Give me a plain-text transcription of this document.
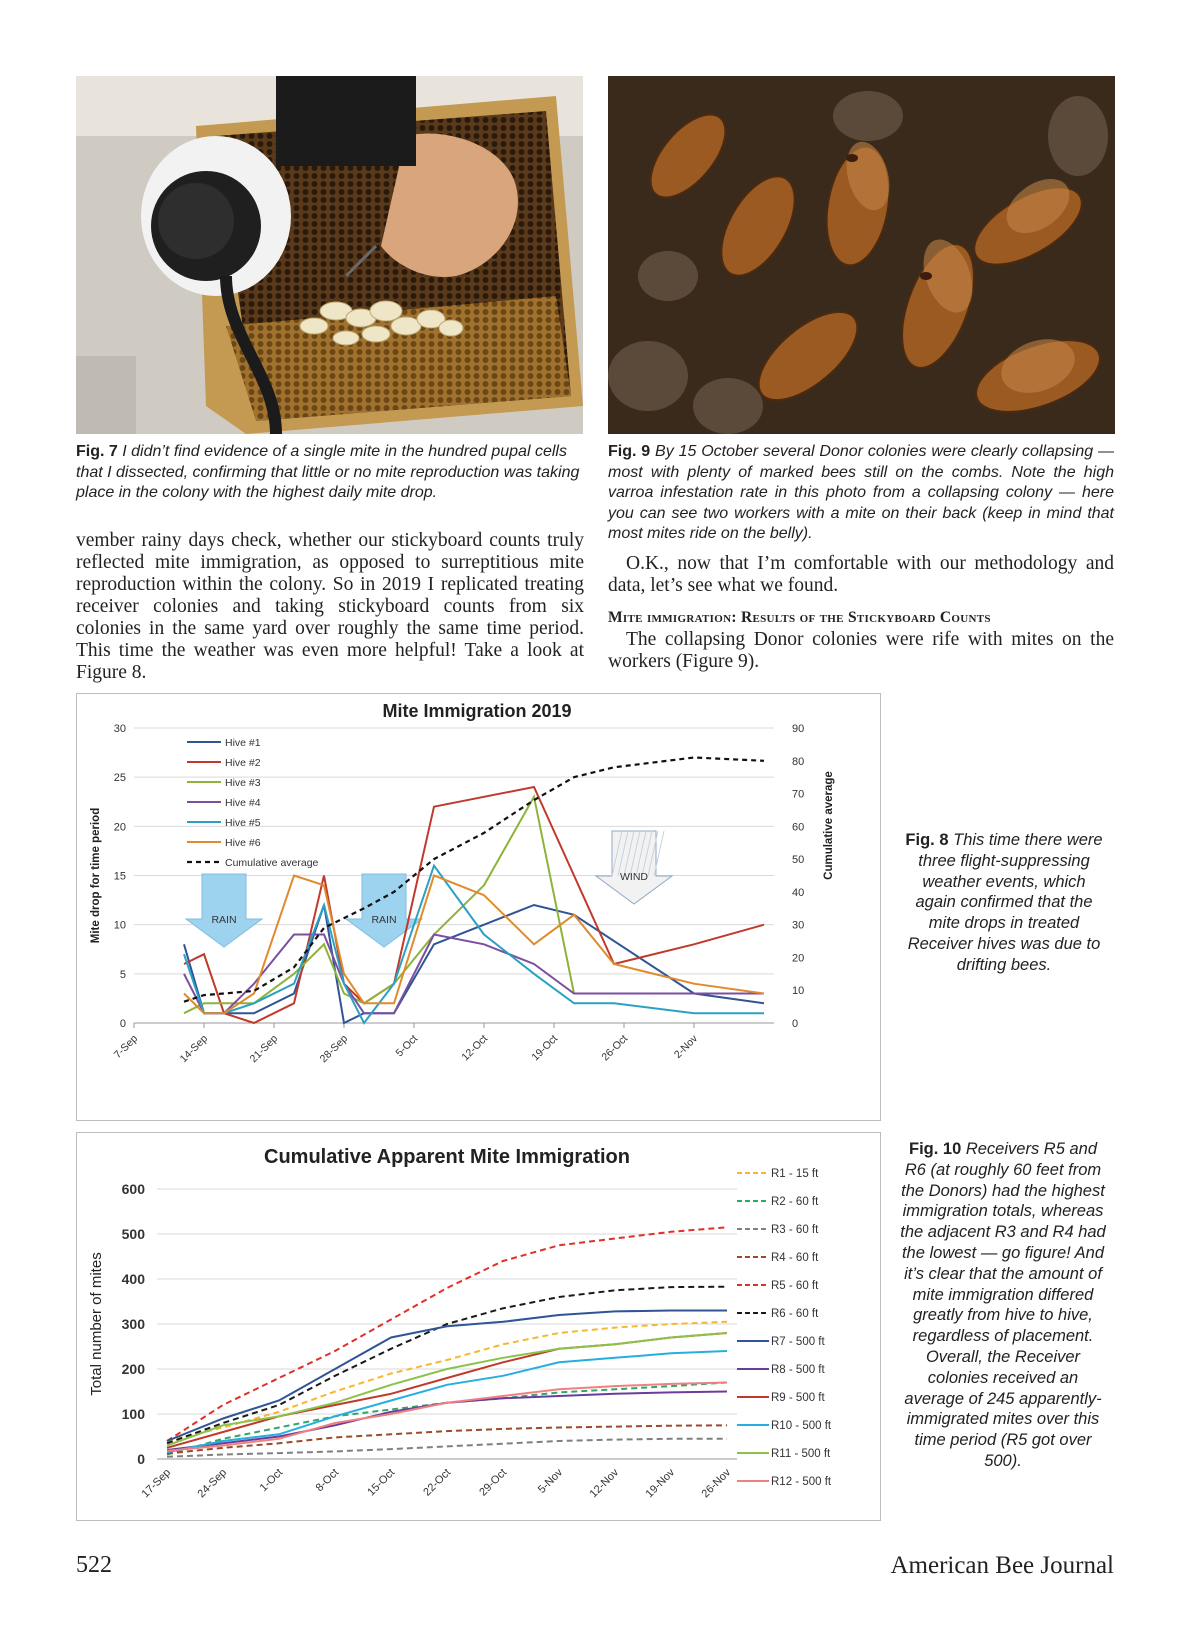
Fig. 7 I didn’t find evidence of a single mite in the hundred pupal cells that I dissected, confirming that little or no mite reproduction was taking place in the colony with the highest daily mite drop.

Fig. 9 By 15 October several Donor colonies were clearly collapsing — most with plenty of marked bees still on the combs. Note the high varroa infestation rate in this photo from a collapsing colony — here you can see two workers with a mite on their back (keep in mind that most mites ride on the belly).

vember rainy days check, whether our stickyboard counts truly reflected mite immigration, as opposed to surreptitious mite reproduction within the colony. So in 2019 I replicated treating receiver colonies and taking stickyboard counts from six colonies in the same yard over roughly the same time period. This time the weather was even more helpful! Take a look at Figure 8.

O.K., now that I’m comfortable with our methodology and data, let’s see what we found.

Mite immigration: Results of the Stickyboard Counts

The collapsing Donor colonies were rife with mites on the workers (Figure 9).

Mite Immigration 2019
0
5
10
15
20
25
30
0
10
20
30
40
50
60
70
80
90
7-Sep	14-Sep	21-Sep	28-Sep	5-Oct	12-Oct	19-Oct	26-Oct	2-Nov
Mite drop for time period	Cumulative average
RAIN	RAIN
WIND
Hive #1
Hive #2
Hive #3
Hive #4
Hive #5
Hive #6
Cumulative average
Fig. 8 This time there were three flight-suppressing weather events, which again confirmed that the mite drops in treated Receiver hives was due to drifting bees.
Cumulative Apparent Mite Immigration
0
100
200
300
400
500
600
17-Sep 24-Sep	1-Oct	8-Oct 15-Oct 22-Oct 29-Oct 5-Nov 12-Nov 19-Nov 26-Nov
Total number of mites
R1 - 15 ft
R2 - 60 ft
R3 - 60 ft
R4 - 60 ft
R5 - 60 ft
R6 - 60 ft
R7 - 500 ft
R8 - 500 ft
R9 - 500 ft
R10 - 500 ft
R11 - 500 ft
R12 - 500 ft
Fig. 10 Receivers R5 and R6 (at roughly 60 feet from the Donors) had the highest immigration totals, whereas the adjacent R3 and R4 had the lowest — go figure! And it’s clear that the amount of mite immigration differed greatly from hive to hive, regardless of placement. Overall, the Receiver colonies received an average of 245 apparently-immigrated mites over this time period (R5 got over 500).
522	American Bee Journal
